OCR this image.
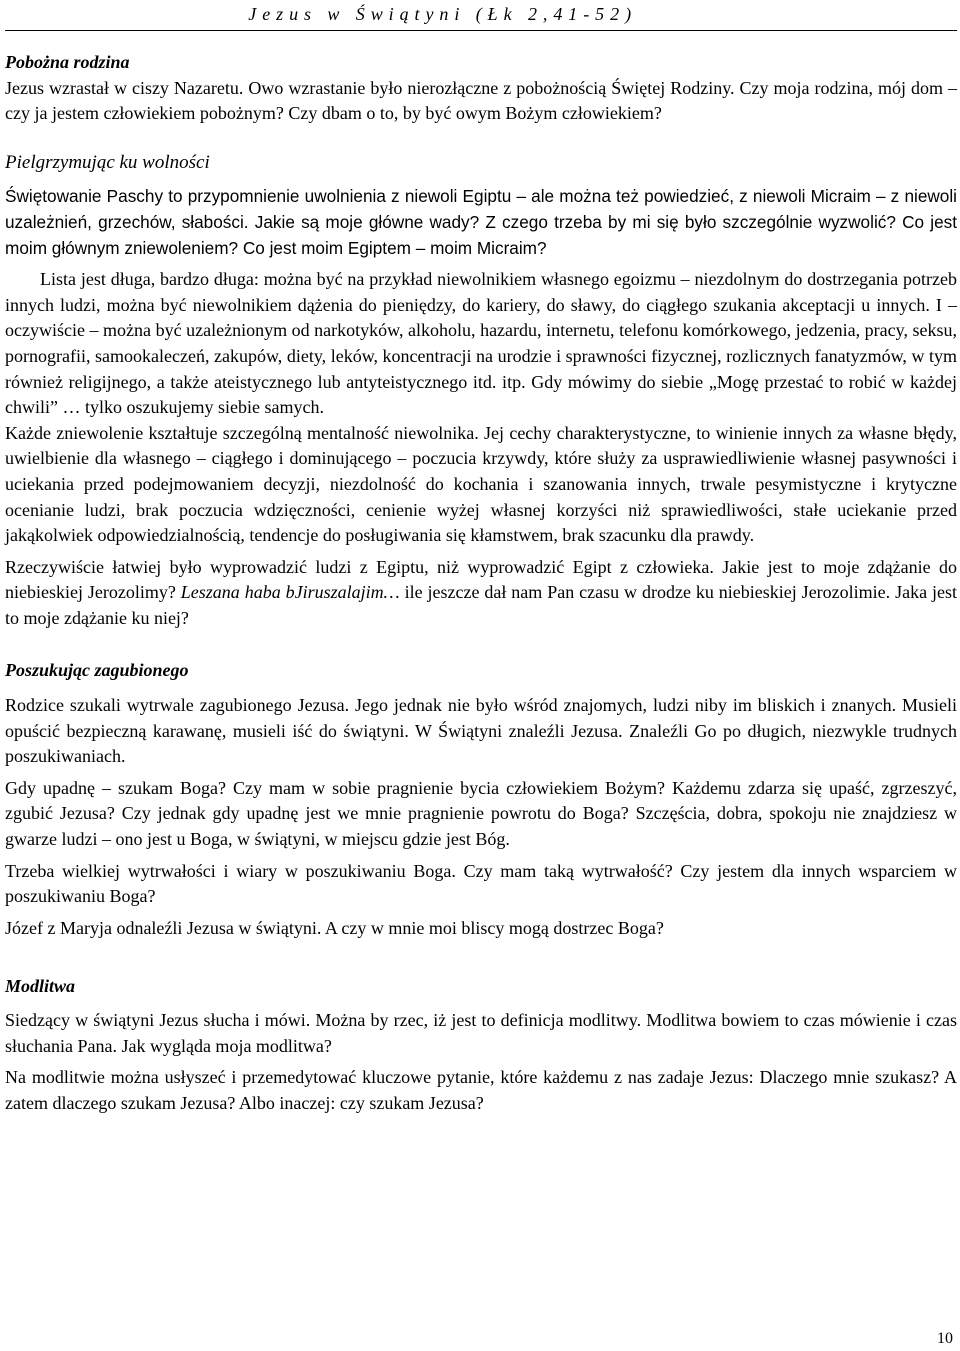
Jezus w Świątyni (Łk 2,41-52)
Pobożna rodzina

Jezus wzrastał w ciszy Nazaretu. Owo wzrastanie było nierozłączne z pobożnością Świętej Rodziny. Czy moja rodzina, mój dom – czy ja jestem człowiekiem pobożnym? Czy dbam o to, by być owym Bożym człowiekiem?

Pielgrzymując ku wolności

Świętowanie Paschy to przypomnienie uwolnienia z niewoli Egiptu – ale można też powiedzieć, z niewoli Micraim – z niewoli uzależnień, grzechów, słabości. Jakie są moje główne wady? Z czego trzeba by mi się było szczególnie wyzwolić? Co jest moim głównym zniewoleniem? Co jest moim Egiptem – moim Micraim?

Lista jest długa, bardzo długa: można być na przykład niewolnikiem własnego egoizmu – niezdolnym do dostrzegania potrzeb innych ludzi, można być niewolnikiem dążenia do pieniędzy, do kariery, do sławy, do ciągłego szukania akceptacji u innych. I – oczywiście – można być uzależnionym od narkotyków, alkoholu, hazardu, internetu, telefonu komórkowego, jedzenia, pracy, seksu, pornografii, samookaleczeń, zakupów, diety, leków, koncentracji na urodzie i sprawności fizycznej, rozlicznych fanatyzmów, w tym również religijnego, a także ateistycznego lub antyteistycznego itd. itp. Gdy mówimy do siebie „Mogę przestać to robić w każdej chwili” … tylko oszukujemy siebie samych.

Każde zniewolenie kształtuje szczególną mentalność niewolnika. Jej cechy charakterystyczne, to winienie innych za własne błędy, uwielbienie dla własnego – ciągłego i dominującego – poczucia krzywdy, które służy za usprawiedliwienie własnej pasywności i uciekania przed podejmowaniem decyzji, niezdolność do kochania i szanowania innych, trwale pesymistyczne i krytyczne ocenianie ludzi, brak poczucia wdzięczności, cenienie wyżej własnej korzyści niż sprawiedliwości, stałe uciekanie przed jakąkolwiek odpowiedzialnością, tendencje do posługiwania się kłamstwem, brak szacunku dla prawdy.

Rzeczywiście łatwiej było wyprowadzić ludzi z Egiptu, niż wyprowadzić Egipt z człowieka. Jakie jest to moje zdążanie do niebieskiej Jerozolimy? Leszana haba bJiruszalajim… ile jeszcze dał nam Pan czasu w drodze ku niebieskiej Jerozolimie. Jaka jest to moje zdążanie ku niej?

Poszukując zagubionego

Rodzice szukali wytrwale zagubionego Jezusa. Jego jednak nie było wśród znajomych, ludzi niby im bliskich i znanych. Musieli opuścić bezpieczną karawanę, musieli iść do świątyni. W Świątyni znaleźli Jezusa. Znaleźli Go po długich, niezwykle trudnych poszukiwaniach.

Gdy upadnę – szukam Boga? Czy mam w sobie pragnienie bycia człowiekiem Bożym? Każdemu zdarza się upaść, zgrzeszyć, zgubić Jezusa? Czy jednak gdy upadnę jest we mnie pragnienie powrotu do Boga? Szczęścia, dobra, spokoju nie znajdziesz w gwarze ludzi – ono jest u Boga, w świątyni, w miejscu gdzie jest Bóg.

Trzeba wielkiej wytrwałości i wiary w poszukiwaniu Boga. Czy mam taką wytrwałość? Czy jestem dla innych wsparciem w poszukiwaniu Boga?

Józef z Maryja odnaleźli Jezusa w świątyni. A czy w mnie moi bliscy mogą dostrzec Boga?

Modlitwa

Siedzący w świątyni Jezus słucha i mówi. Można by rzec, iż jest to definicja modlitwy. Modlitwa bowiem to czas mówienie i czas słuchania Pana. Jak wygląda moja modlitwa?

Na modlitwie można usłyszeć i przemedytować kluczowe pytanie, które każdemu z nas zadaje Jezus: Dlaczego mnie szukasz? A zatem dlaczego szukam Jezusa? Albo inaczej: czy szukam Jezusa?

10
